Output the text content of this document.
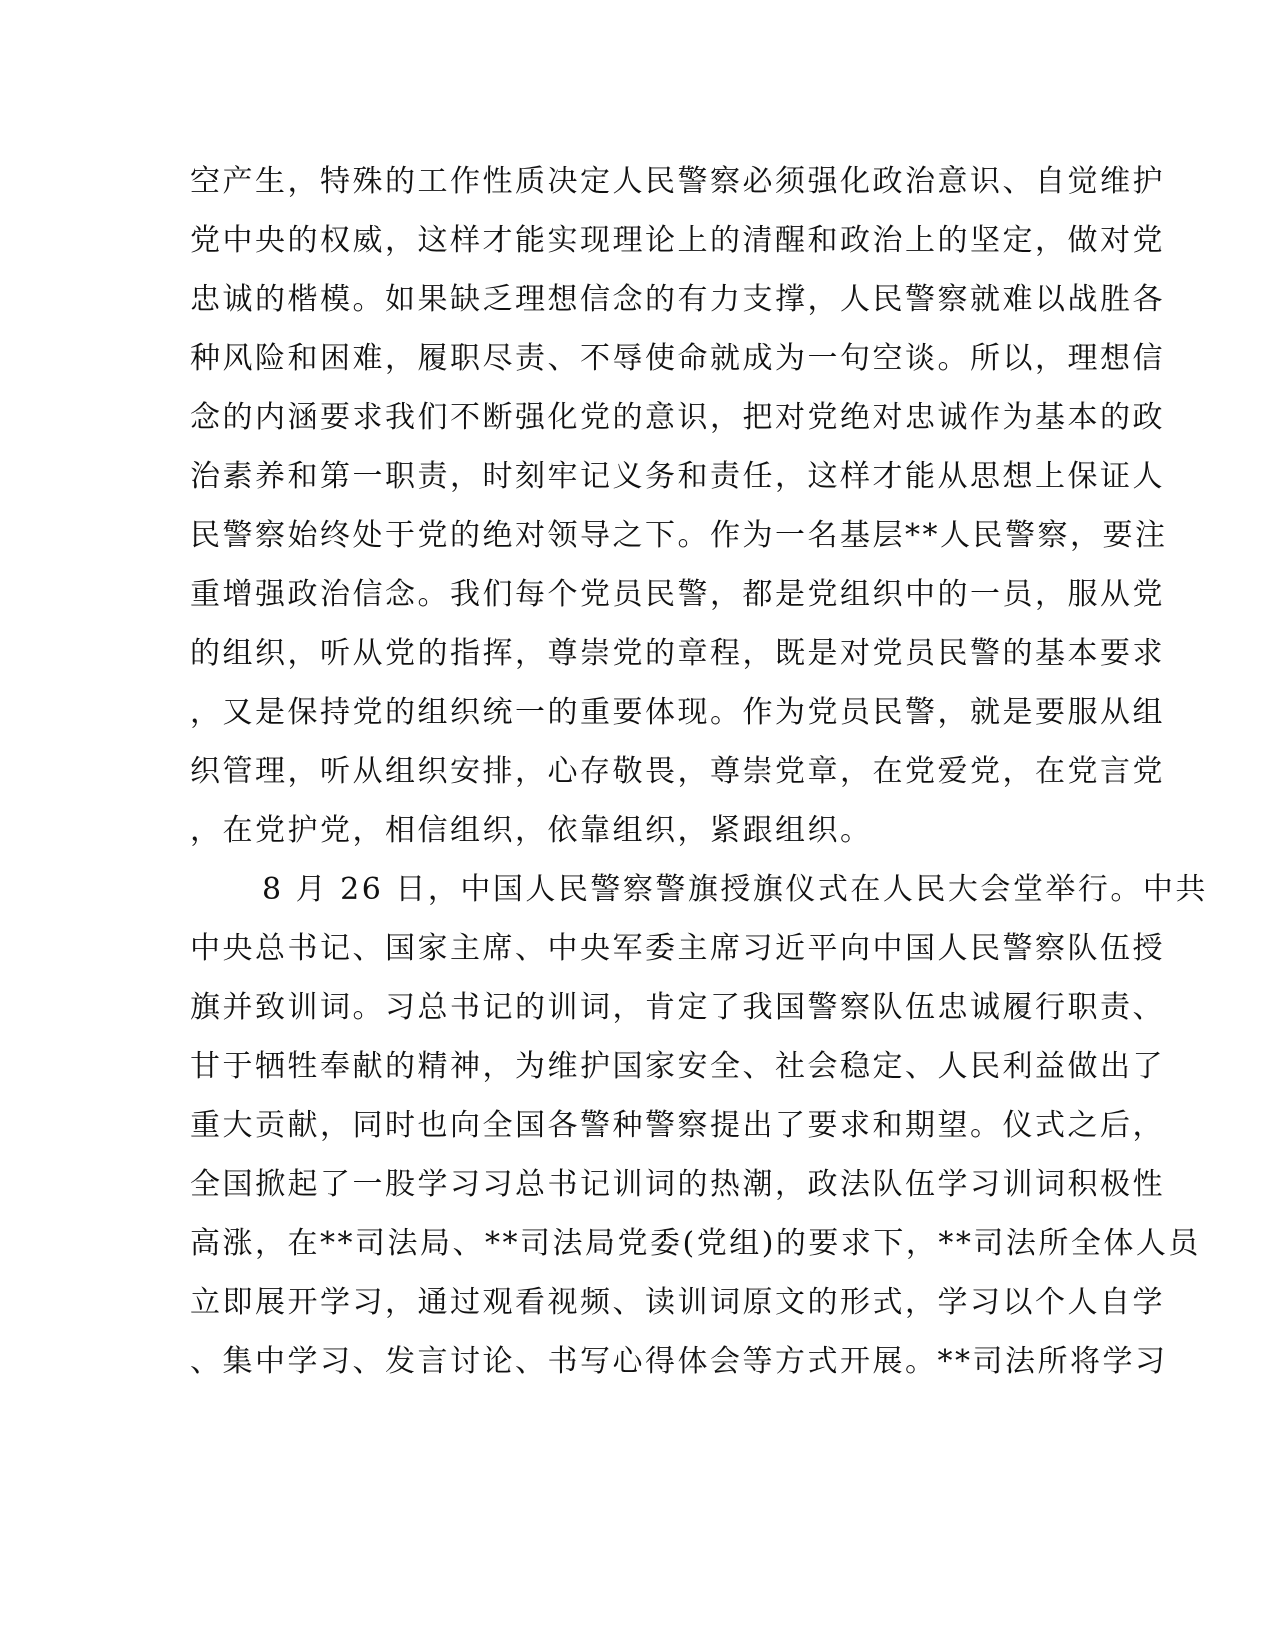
空产生，特殊的工作性质决定人民警察必须强化政治意识、自觉维护
党中央的权威，这样才能实现理论上的清醒和政治上的坚定，做对党
忠诚的楷模。如果缺乏理想信念的有力支撑，人民警察就难以战胜各
种风险和困难，履职尽责、不辱使命就成为一句空谈。所以，理想信
念的内涵要求我们不断强化党的意识，把对党绝对忠诚作为基本的政
治素养和第一职责，时刻牢记义务和责任，这样才能从思想上保证人
民警察始终处于党的绝对领导之下。作为一名基层**人民警察，要注
重增强政治信念。我们每个党员民警，都是党组织中的一员，服从党
的组织，听从党的指挥，尊崇党的章程，既是对党员民警的基本要求
，又是保持党的组织统一的重要体现。作为党员民警，就是要服从组
织管理，听从组织安排，心存敬畏，尊崇党章，在党爱党，在党言党
，在党护党，相信组织，依靠组织，紧跟组织。
8 月 26 日，中国人民警察警旗授旗仪式在人民大会堂举行。中共
中央总书记、国家主席、中央军委主席习近平向中国人民警察队伍授
旗并致训词。习总书记的训词，肯定了我国警察队伍忠诚履行职责、
甘于牺牲奉献的精神，为维护国家安全、社会稳定、人民利益做出了
重大贡献，同时也向全国各警种警察提出了要求和期望。仪式之后，
全国掀起了一股学习习总书记训词的热潮，政法队伍学习训词积极性
高涨，在**司法局、**司法局党委(党组)的要求下，**司法所全体人员
立即展开学习，通过观看视频、读训词原文的形式，学习以个人自学
、集中学习、发言讨论、书写心得体会等方式开展。**司法所将学习
